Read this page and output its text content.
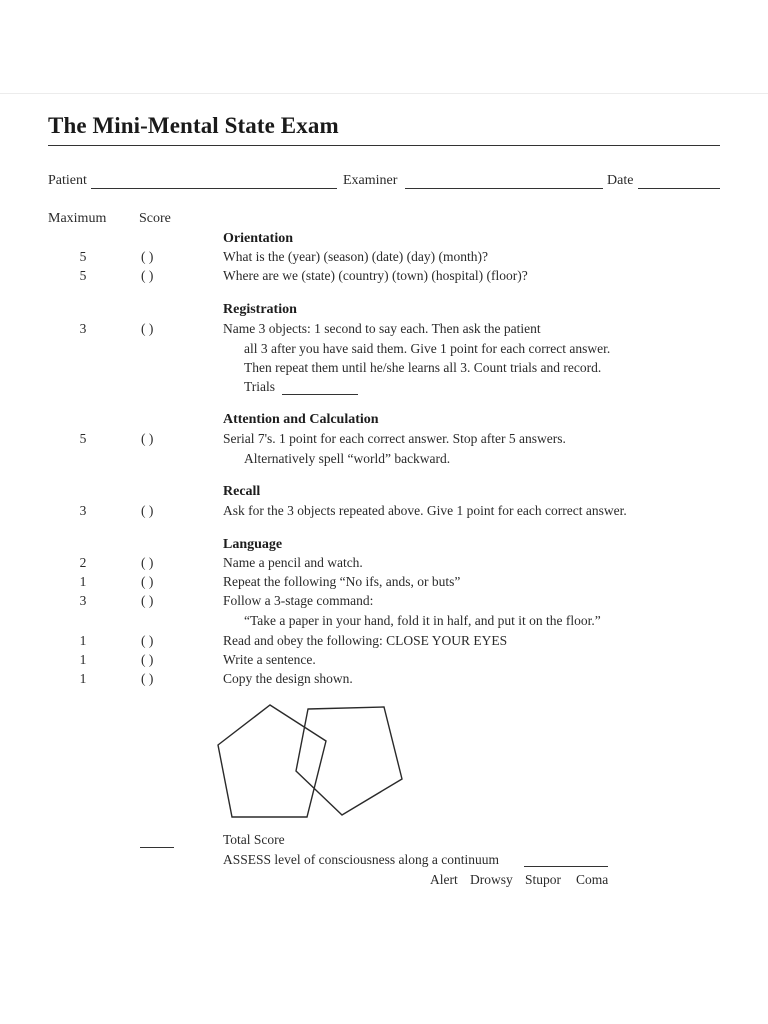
The Mini-Mental State Exam
Patient	Examiner	Date
Maximum Score
Orientation
5	( )	What is the (year) (season) (date) (day) (month)?
5	( )	Where are we (state) (country) (town) (hospital) (floor)?
Registration
3	( )	Name 3 objects: 1 second to say each. Then ask the patient
all 3 after you have said them. Give 1 point for each correct answer.
Then repeat them until he/she learns all 3. Count trials and record.
Trials
Attention and Calculation
5	( )	Serial 7's. 1 point for each correct answer. Stop after 5 answers.
Alternatively spell “world” backward.
Recall
3	( )	Ask for the 3 objects repeated above. Give 1 point for each correct answer.
Language
2	( )	Name a pencil and watch.
1	( )	Repeat the following “No ifs, ands, or buts”
3	( )	Follow a 3-stage command:
“Take a paper in your hand, fold it in half, and put it on the floor.”
1	( )	Read and obey the following: CLOSE YOUR EYES
1	( )	Write a sentence.
1	( )	Copy the design shown.
Total Score
ASSESS level of consciousness along a continuum
Alert Drowsy Stupor Coma
